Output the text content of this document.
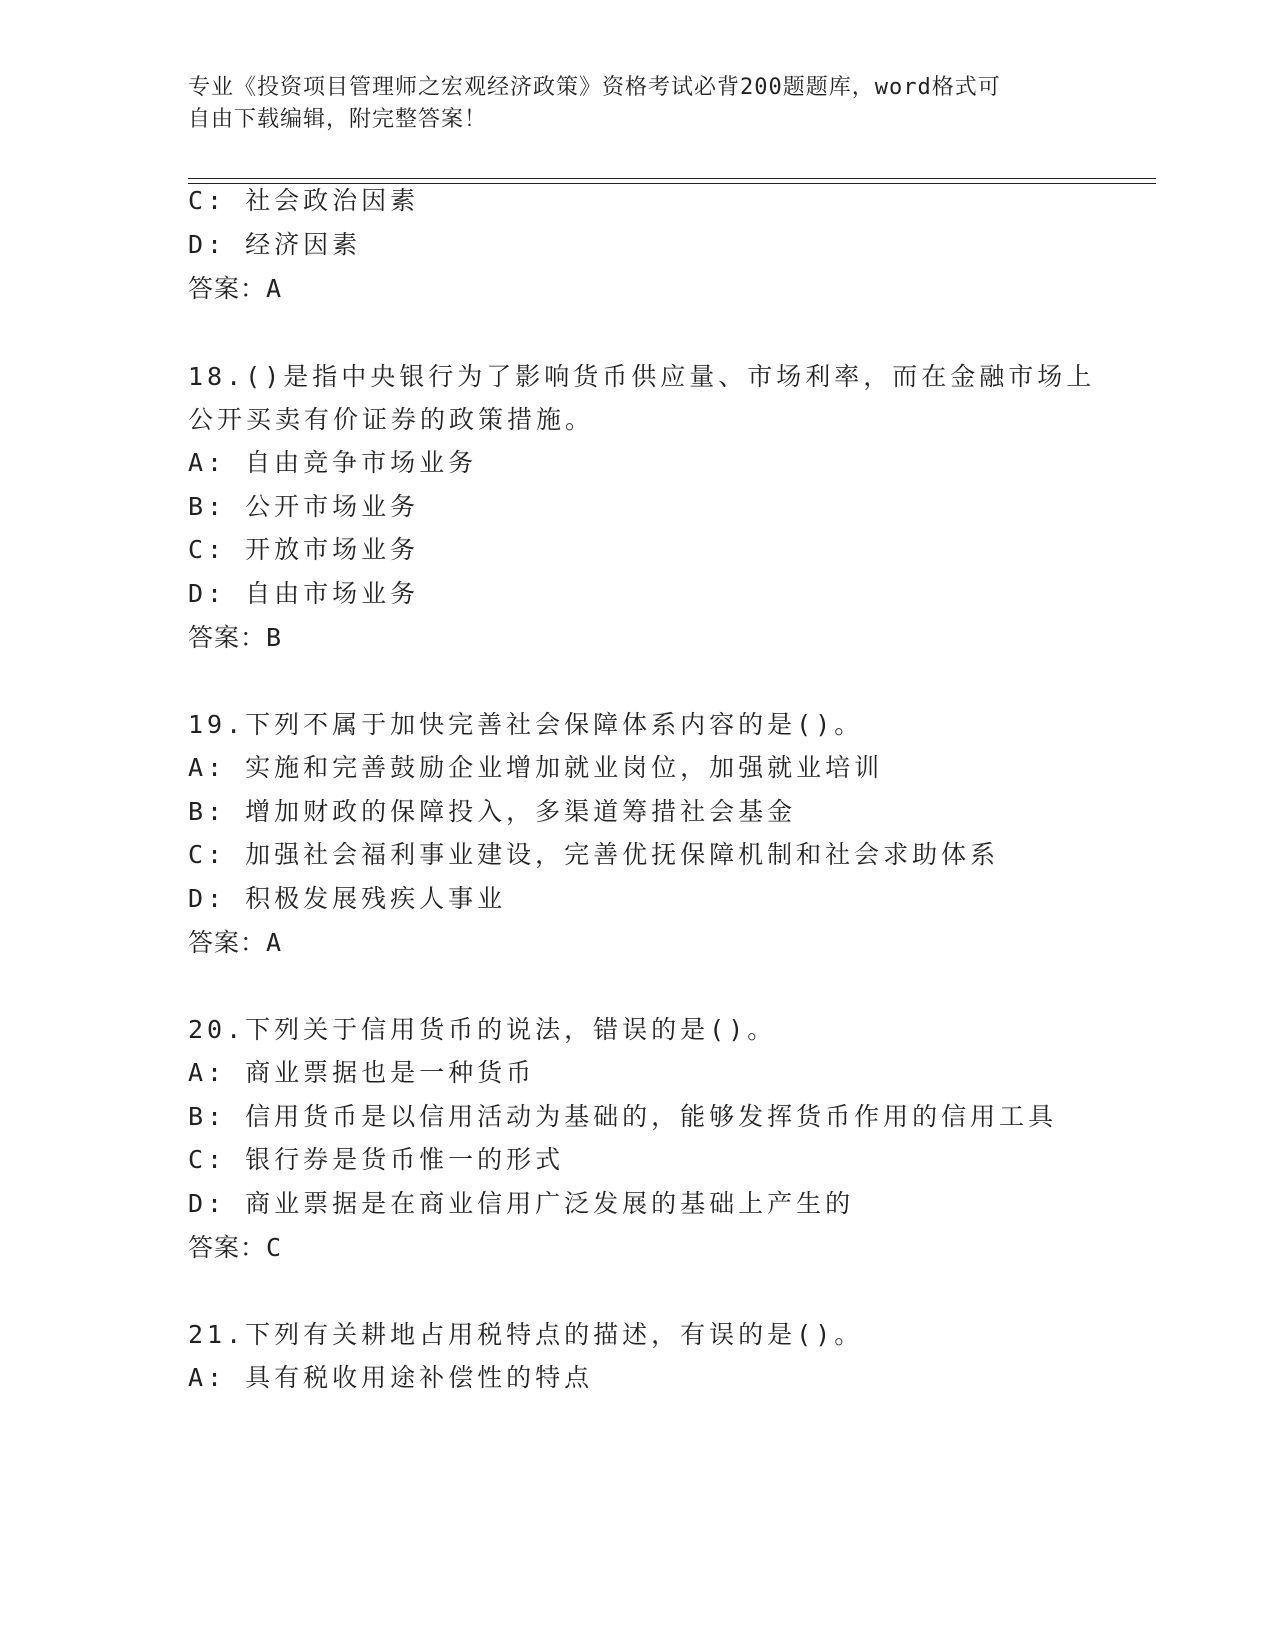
专业《投资项目管理师之宏观经济政策》资格考试必背200题题库，word格式可
自由下载编辑，附完整答案！
C: 社会政治因素
D: 经济因素
答案：A
18.()是指中央银行为了影响货币供应量、市场利率，而在金融市场上
公开买卖有价证券的政策措施。
A: 自由竞争市场业务
B: 公开市场业务
C: 开放市场业务
D: 自由市场业务
答案：B
19.下列不属于加快完善社会保障体系内容的是()。
A: 实施和完善鼓励企业增加就业岗位，加强就业培训
B: 增加财政的保障投入，多渠道筹措社会基金
C: 加强社会福利事业建设，完善优抚保障机制和社会求助体系
D: 积极发展残疾人事业
答案：A
20.下列关于信用货币的说法，错误的是()。
A: 商业票据也是一种货币
B: 信用货币是以信用活动为基础的，能够发挥货币作用的信用工具
C: 银行券是货币惟一的形式
D: 商业票据是在商业信用广泛发展的基础上产生的
答案：C
21.下列有关耕地占用税特点的描述，有误的是()。
A: 具有税收用途补偿性的特点
